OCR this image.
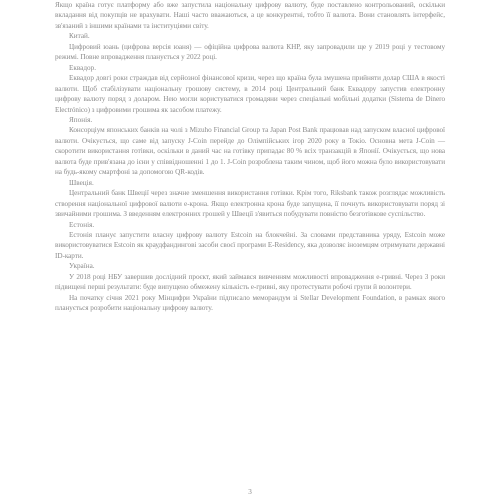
Якщо країна готує платформу або вже запустила національну цифрову валюту, буде поставлено контрольований, оскільки вкладання від покупців не врахувати. Наші часто вважаються, а це конкурентні, тобто її валюта. Вони становлять інтерфейс, зв'язаний з іншими країнами та інституціями світу.

Китай.

Цифровий юань (цифрова версія юаня) — офіційна цифрова валюта КНР, яку запровадили ще у 2019 році у тестовому режимі. Повне впровадження планується у 2022 році.

Еквадор.

Еквадор довгі роки страждав від серйозної фінансової кризи, через що країна була змушена прийняти долар США в якості валюти. Щоб стабілізувати національну грошову систему, в 2014 році Центральний банк Еквадору запустив електронну цифрову валюту поряд з доларом. Нею могли користуватися громадяни через спеціальні мобільні додатки (Sistema de Dinero Electrónico) з цифровими грошима як засобом платежу.

Японія.

Консорціум японських банків на чолі з Mizuho Financial Group та Japan Post Bank працював над запуском власної цифрової валюти. Очікується, що саме від запуску J-Coin перейде до Олімпійських ігор 2020 року в Токіо. Основна мета J-Coin — скоротити використання готівки, оскільки в даний час на готівку припадає 80 % всіх транзакцій в Японії. Очікується, що нова валюта буде прив'язана до ієни у співвідношенні 1 до 1. J-Coin розроблена таким чином, щоб його можна було використовувати на будь-якому смартфоні за допомогою QR-кодів.

Швеція.

Центральний банк Швеції через значне зменшення використання готівки. Крім того, Riksbank також розглядає можливість створення національної цифрової валюти е-крона. Якщо електронна крона буде запущена, її почнуть використовувати поряд зі звичайними грошима. З введенням електронних грошей у Швеції з'явиться побудувати повністю безготівкове суспільство.

Естонія.

Естонія планує запустити власну цифрову валюту Estcoin на блокчейні. За словами представника уряду, Estcoin може використовуватися Estcoin як краудфандингові засоби своєї програми E-Residency, яка дозволяє іноземцям отримувати державні ID-карти.

Україна.

У 2018 році НБУ завершив дослідний проєкт, який займався вивченням можливості впровадження е-гривні. Через 3 роки підвищені перші результати: буде випущено обмежену кількість е-гривні, яку протестувати робочі групи й волонтери.

На початку січня 2021 року Мінцифри України підписало меморандум зі Stellar Development Foundation, в рамках якого планується розробити національну цифрову валюту.

3
